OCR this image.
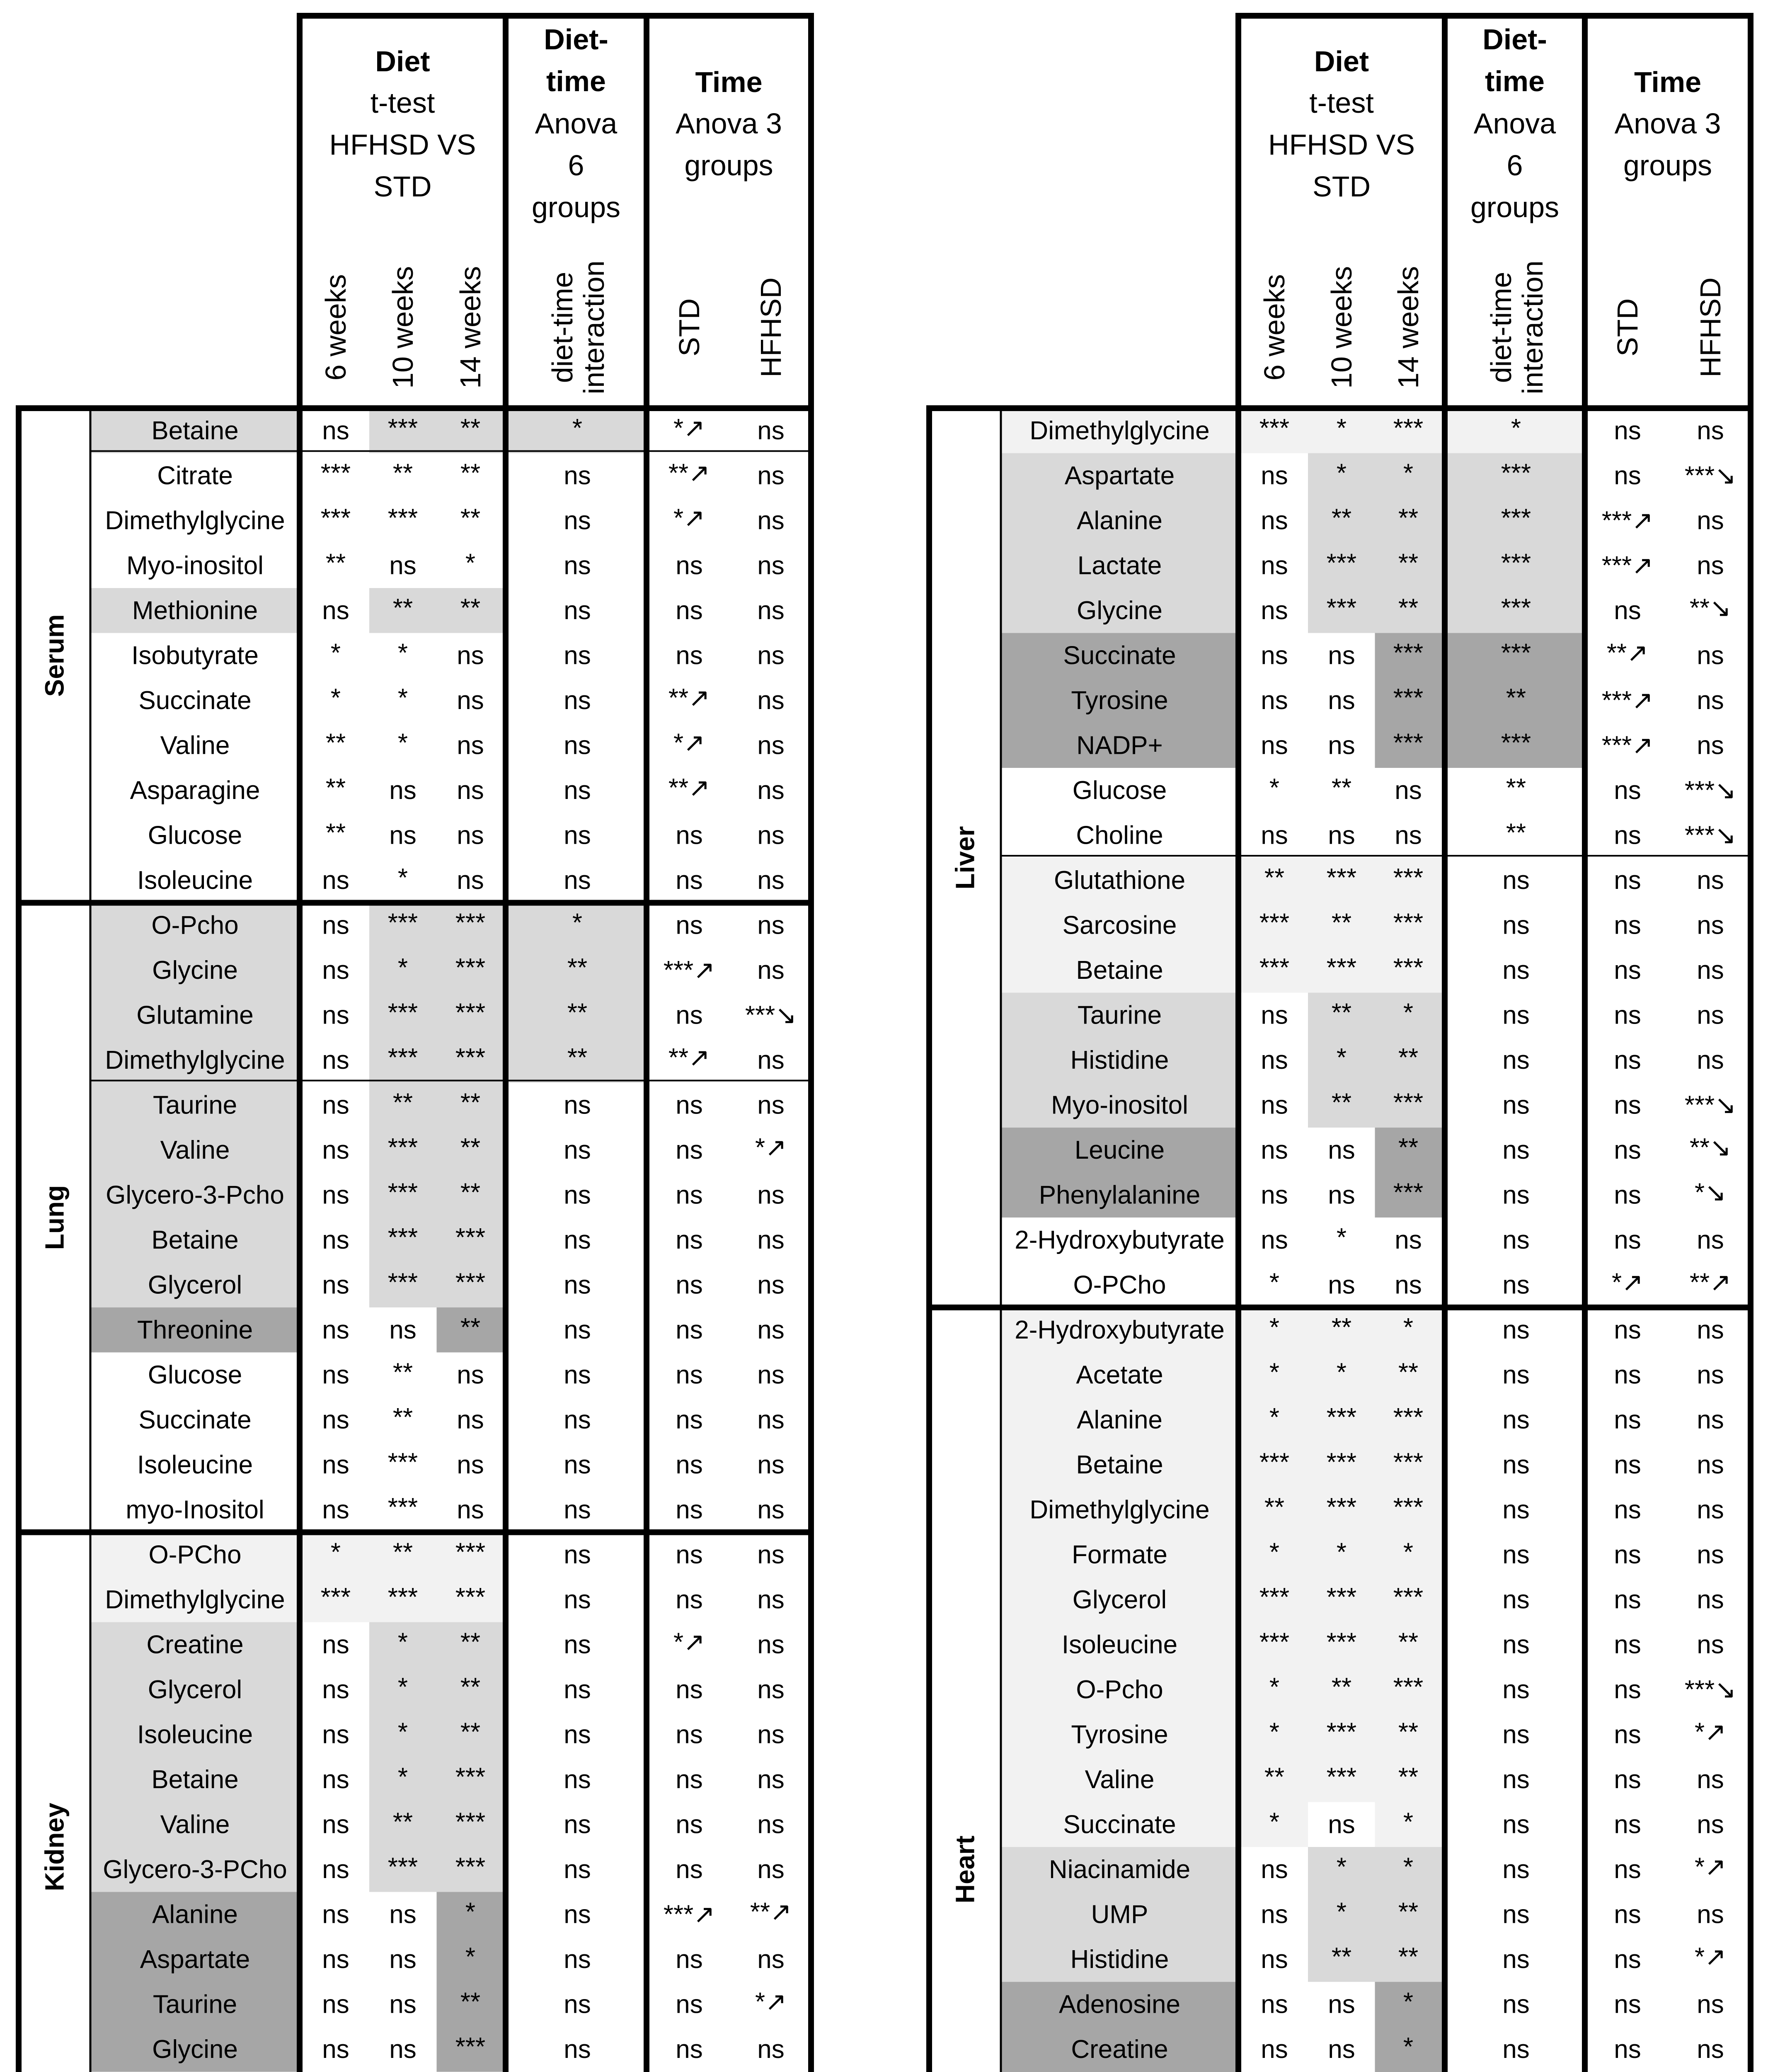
Diet
t-test
HFHSD VS
STD
Diet-
time
Anova
6
groups
Time
Anova 3
groups
6 weeks 10 weeks 14 weeks diet-time
interaction STD HFHSD
Betaine	ns *** **	*	*↗ ns
Citrate	*** ** **	ns	**↗ ns
Dimethylglycine *** *** **	ns	*↗ ns
Myo-inositol ** ns *	ns	ns ns
Methionine	ns ** **	ns	ns ns
Isobutyrate	* * ns	ns	ns ns
Succinate	* * ns	ns	**↗ ns
Valine	** * ns	ns	*↗ ns
Asparagine	** ns ns	ns	**↗ ns
Glucose	** ns ns	ns	ns ns
Isoleucine	ns * ns	ns	ns ns
Serum
O-Pcho	ns *** ***	*	ns ns
Glycine	ns * ***	**	***↗ ns
Glutamine	ns *** ***	**	ns ***↘
Dimethylglycine ns *** ***	**	**↗ ns
Taurine	ns ** **	ns	ns ns
Valine	ns *** **	ns	ns *↗
Glycero-3-Pcho ns *** **	ns	ns ns
Betaine	ns *** ***	ns	ns ns
Glycerol	ns *** ***	ns	ns ns
Threonine	ns ns **	ns	ns ns
Glucose	ns ** ns	ns	ns ns
Succinate	ns ** ns	ns	ns ns
Isoleucine	ns *** ns	ns	ns ns
myo-Inositol ns *** ns	ns	ns ns
Lung
O-PCho	* ** ***	ns	ns ns
Dimethylglycine *** *** ***	ns	ns ns
Creatine	ns * **	ns	*↗ ns
Glycerol	ns * **	ns	ns ns
Isoleucine	ns * **	ns	ns ns
Betaine	ns * ***	ns	ns ns
Valine	ns ** ***	ns	ns ns
Glycero-3-PCho ns *** ***	ns	ns ns
Alanine	ns ns *	ns	***↗ **↗
Aspartate	ns ns *	ns	ns ns
Taurine	ns ns **	ns	ns *↗
Glycine	ns ns ***	ns	ns ns
Kidney
Diet
t-test
HFHSD VS
STD
Diet-
time
Anova
6
groups
Time
Anova 3
groups
6 weeks 10 weeks 14 weeks diet-time
interaction STD HFHSD
Dimethylglycine *** * ***	*	ns ns
Aspartate	ns * *	***	ns ***↘
Alanine	ns ** **	***	***↗ ns
Lactate	ns *** **	***	***↗ ns
Glycine	ns *** **	***	ns **↘
Succinate	ns ns ***	***	**↗ ns
Tyrosine	ns ns ***	**	***↗ ns
NADP+	ns ns ***	***	***↗ ns
Glucose	* ** ns	**	ns ***↘
Choline	ns ns ns	**	ns ***↘
Glutathione	** *** ***	ns	ns ns
Sarcosine	*** ** ***	ns	ns ns
Betaine	*** *** ***	ns	ns ns
Taurine	ns ** *	ns	ns ns
Histidine	ns * **	ns	ns ns
Myo-inositol	ns ** ***	ns	ns ***↘
Leucine	ns ns **	ns	ns **↘
Phenylalanine ns ns ***	ns	ns *↘
2-Hydroxybutyrate ns * ns	ns	ns ns
O-PCho	* ns ns	ns	*↗ **↗
Liver
2-Hydroxybutyrate * ** *	ns	ns ns
Acetate	* * **	ns	ns ns
Alanine	* *** ***	ns	ns ns
Betaine	*** *** ***	ns	ns ns
Dimethylglycine ** *** ***	ns	ns ns
Formate	* * *	ns	ns ns
Glycerol	*** *** ***	ns	ns ns
Isoleucine	*** *** **	ns	ns ns
O-Pcho	* ** ***	ns	ns ***↘
Tyrosine	* *** **	ns	ns *↗
Valine	** *** **	ns	ns ns
Succinate	* ns *	ns	ns ns
Niacinamide	ns * *	ns	ns *↗
UMP	ns * **	ns	ns ns
Histidine	ns ** **	ns	ns *↗
Adenosine	ns ns *	ns	ns ns
Creatine	ns ns *	ns	ns ns
Heart
